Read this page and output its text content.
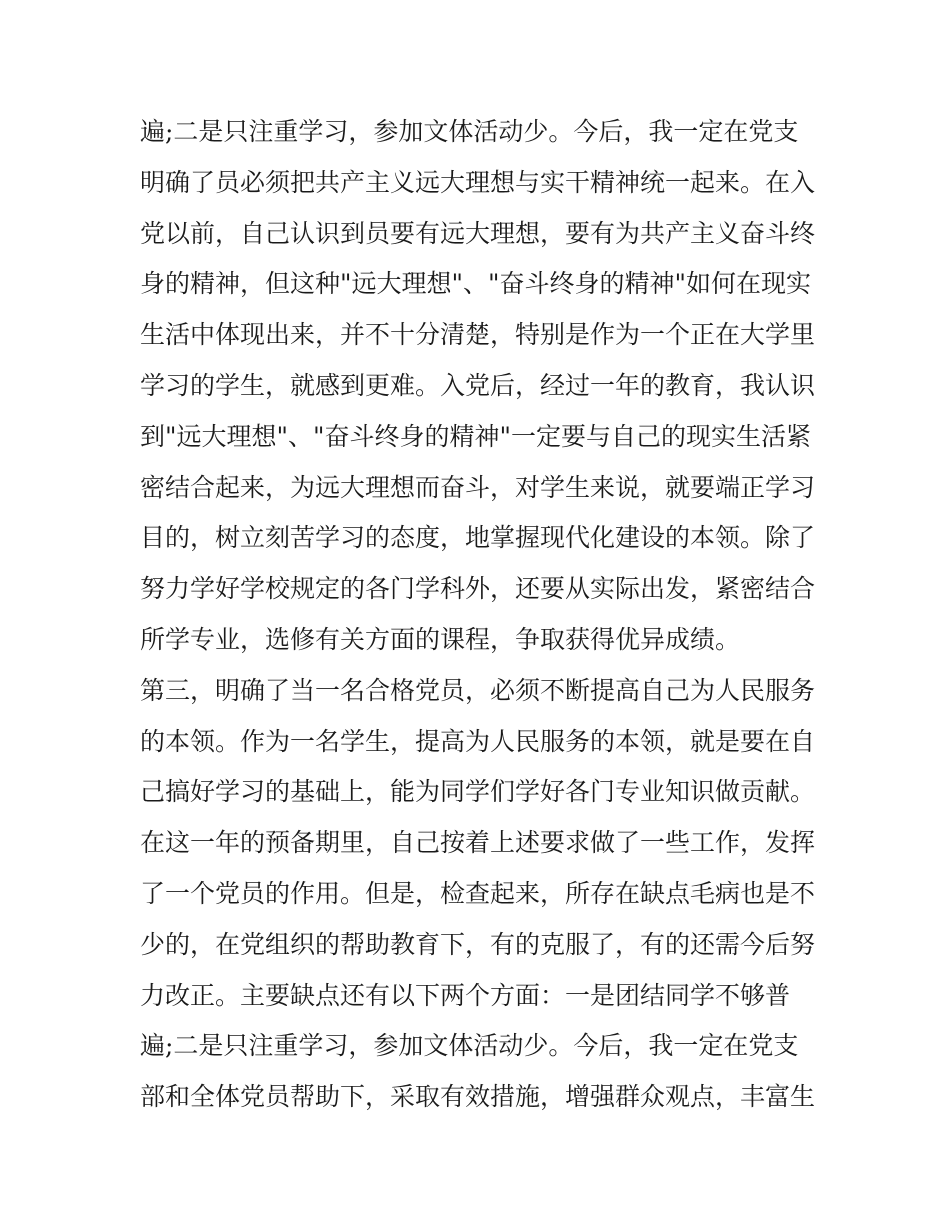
遍;二是只注重学习，参加文体活动少。今后，我一定在党支

明确了员必须把共产主义远大理想与实干精神统一起来。在入

党以前，自己认识到员要有远大理想，要有为共产主义奋斗终

身的精神，但这种"远大理想"、"奋斗终身的精神"如何在现实

生活中体现出来，并不十分清楚，特别是作为一个正在大学里

学习的学生，就感到更难。入党后，经过一年的教育，我认识

到"远大理想"、"奋斗终身的精神"一定要与自己的现实生活紧

密结合起来，为远大理想而奋斗，对学生来说，就要端正学习

目的，树立刻苦学习的态度，地掌握现代化建设的本领。除了

努力学好学校规定的各门学科外，还要从实际出发，紧密结合

所学专业，选修有关方面的课程，争取获得优异成绩。

第三，明确了当一名合格党员，必须不断提高自己为人民服务

的本领。作为一名学生，提高为人民服务的本领，就是要在自

己搞好学习的基础上，能为同学们学好各门专业知识做贡献。

在这一年的预备期里，自己按着上述要求做了一些工作，发挥

了一个党员的作用。但是，检查起来，所存在缺点毛病也是不

少的，在党组织的帮助教育下，有的克服了，有的还需今后努

力改正。主要缺点还有以下两个方面：一是团结同学不够普

遍;二是只注重学习，参加文体活动少。今后，我一定在党支

部和全体党员帮助下，采取有效措施，增强群众观点，丰富生
